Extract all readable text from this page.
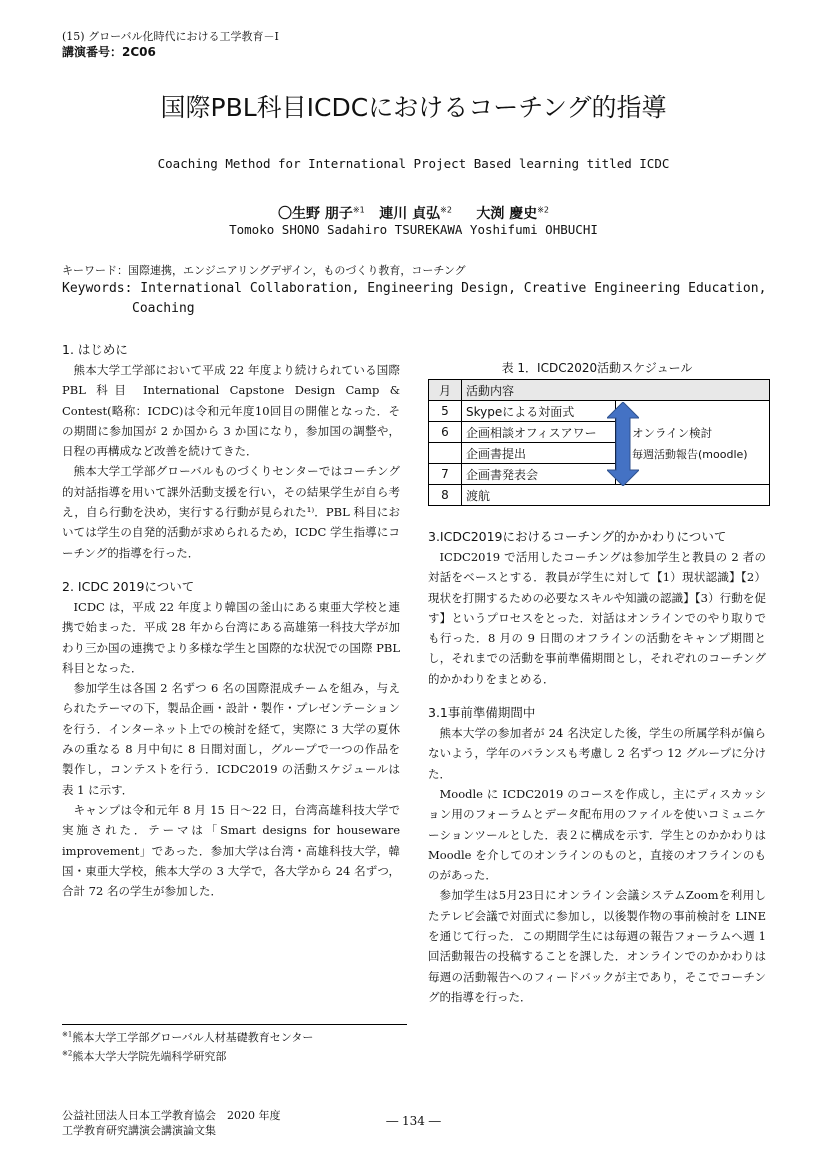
(15) グローバル化時代における工学教育－I
講演番号：2C06
国際PBL科目ICDCにおけるコーチング的指導
Coaching Method for International Project Based learning titled ICDC
〇生野 朋子$^{※1}$ 連川 貞弘$^{※2}$ 大渕 慶史$^{※2}$
Tomoko SHONO Sadahiro TSUREKAWA Yoshifumi OHBUCHI
キーワード：国際連携，エンジニアリングデザイン，ものづくり教育，コーチング
Keywords: International Collaboration, Engineering Design, Creative Engineering Education,
Coaching
1. はじめに

熊本大学工学部において平成 22 年度より続けられている国際 PBL 科目 International Capstone Design Camp & Contest(略称：ICDC)は令和元年度10回目の開催となった．その期間に参加国が 2 か国から 3 か国になり，参加国の調整や，日程の再構成など改善を続けてきた．

熊本大学工学部グローバルものづくりセンターではコーチング的対話指導を用いて課外活動支援を行い，その結果学生が自ら考え，自ら行動を決め，実行する行動が見られた¹⁾．PBL 科目においては学生の自発的活動が求められるため，ICDC 学生指導にコーチング的指導を行った．

2. ICDC 2019について

ICDC は，平成 22 年度より韓国の釜山にある東亜大学校と連携で始まった．平成 28 年から台湾にある高雄第一科技大学が加わり三か国の連携でより多様な学生と国際的な状況での国際 PBL 科目となった．

参加学生は各国 2 名ずつ 6 名の国際混成チームを組み，与えられたテーマの下，製品企画・設計・製作・プレゼンテーションを行う．インターネット上での検討を経て，実際に 3 大学の夏休みの重なる 8 月中旬に 8 日間対面し，グループで一つの作品を製作し，コンテストを行う．ICDC2019 の活動スケジュールは表 1 に示す．

キャンプは令和元年 8 月 15 日～22 日，台湾高雄科技大学で実施された．テーマは「Smart designs for houseware improvement」であった．参加大学は台湾・高雄科技大学，韓国・東亜大学校，熊本大学の 3 大学で，各大学から 24 名ずつ，合計 72 名の学生が参加した．

表 1．ICDC2020活動スケジュール
月	活動内容	
5	Skypeによる対面式	
6	企画相談オフィスアワー	
	企画書提出	
7	企画書発表会	
8	渡航	
オンライン検討
毎週活動報告(moodle)
3.ICDC2019におけるコーチング的かかわりについて

ICDC2019 で活用したコーチングは参加学生と教員の 2 者の対話をベースとする．教員が学生に対して【1）現状認識】【2）現状を打開するための必要なスキルや知識の認識】【3）行動を促す】というプロセスをとった．対話はオンラインでのやり取りでも行った．8 月の 9 日間のオフラインの活動をキャンプ期間とし，それまでの活動を事前準備期間とし，それぞれのコーチング的かかわりをまとめる．

3.1事前準備期間中

熊本大学の参加者が 24 名決定した後，学生の所属学科が偏らないよう，学年のバランスも考慮し 2 名ずつ 12 グループに分けた．

Moodle に ICDC2019 のコースを作成し，主にディスカッション用のフォーラムとデータ配布用のファイルを使いコミュニケーションツールとした．表２に構成を示す．学生とのかかわりは Moodle を介してのオンラインのものと，直接のオフラインのものがあった．

参加学生は5月23日にオンライン会議システムZoomを利用したテレビ会議で対面式に参加し，以後製作物の事前検討を LINE を通じて行った．この期間学生には毎週の報告フォーラムへ週 1 回活動報告の投稿することを課した．オンラインでのかかわりは毎週の活動報告へのフィードバックが主であり，そこでコーチング的指導を行った．

$^{※1}$熊本大学工学部グローバル人材基礎教育センター
$^{※2}$熊本大学大学院先端科学研究部
公益社団法人日本工学教育協会　2020 年度
工学教育研究講演会講演論文集
― 134 ―
